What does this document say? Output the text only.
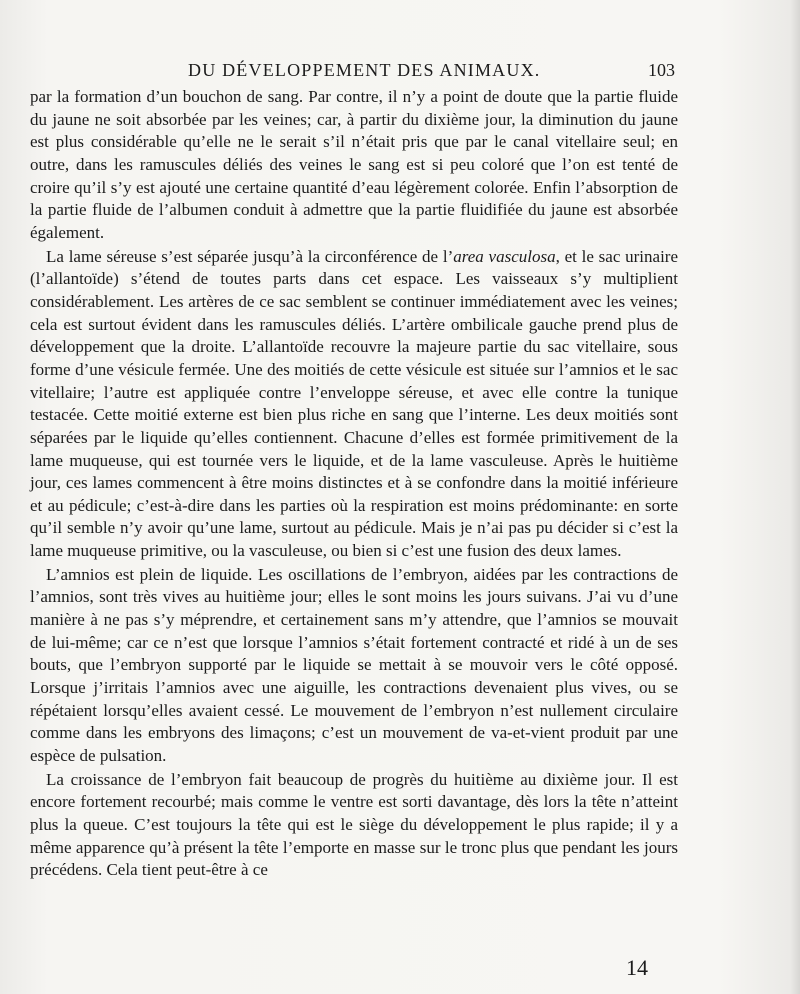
DU DÉVELOPPEMENT DES ANIMAUX.	103

par la formation d’un bouchon de sang. Par contre, il n’y a point de doute que la partie fluide du jaune ne soit absorbée par les veines; car, à partir du dixième jour, la diminution du jaune est plus considérable qu’elle ne le serait s’il n’était pris que par le canal vitellaire seul; en outre, dans les ramuscules déliés des veines le sang est si peu coloré que l’on est tenté de croire qu’il s’y est ajouté une certaine quantité d’eau légèrement colorée. Enfin l’absorption de la partie fluide de l’albumen conduit à admettre que la partie fluidifiée du jaune est absorbée également.

La lame séreuse s’est séparée jusqu’à la circonférence de l’area vasculosa, et le sac urinaire (l’allantoïde) s’étend de toutes parts dans cet espace. Les vaisseaux s’y multiplient considérablement. Les artères de ce sac semblent se continuer immédiatement avec les veines; cela est surtout évident dans les ramuscules déliés. L’artère ombilicale gauche prend plus de développement que la droite. L’allantoïde recouvre la majeure partie du sac vitellaire, sous forme d’une vésicule fermée. Une des moitiés de cette vésicule est située sur l’amnios et le sac vitellaire; l’autre est appliquée contre l’enveloppe séreuse, et avec elle contre la tunique testacée. Cette moitié externe est bien plus riche en sang que l’interne. Les deux moitiés sont séparées par le liquide qu’elles contiennent. Chacune d’elles est formée primitivement de la lame muqueuse, qui est tournée vers le liquide, et de la lame vasculeuse. Après le huitième jour, ces lames commencent à être moins distinctes et à se confondre dans la moitié inférieure et au pédicule; c’est-à-dire dans les parties où la respiration est moins prédominante: en sorte qu’il semble n’y avoir qu’une lame, surtout au pédicule. Mais je n’ai pas pu décider si c’est la lame muqueuse primitive, ou la vasculeuse, ou bien si c’est une fusion des deux lames.

L’amnios est plein de liquide. Les oscillations de l’embryon, aidées par les contractions de l’amnios, sont très vives au huitième jour; elles le sont moins les jours suivans. J’ai vu d’une manière à ne pas s’y méprendre, et certainement sans m’y attendre, que l’amnios se mouvait de lui-même; car ce n’est que lorsque l’amnios s’était fortement contracté et ridé à un de ses bouts, que l’embryon supporté par le liquide se mettait à se mouvoir vers le côté opposé. Lorsque j’irritais l’amnios avec une aiguille, les contractions devenaient plus vives, ou se répétaient lorsqu’elles avaient cessé. Le mouvement de l’embryon n’est nullement circulaire comme dans les embryons des limaçons; c’est un mouvement de va-et-vient produit par une espèce de pulsation.

La croissance de l’embryon fait beaucoup de progrès du huitième au dixième jour. Il est encore fortement recourbé; mais comme le ventre est sorti davantage, dès lors la tête n’atteint plus la queue. C’est toujours la tête qui est le siège du développement le plus rapide; il y a même apparence qu’à présent la tête l’emporte en masse sur le tronc plus que pendant les jours précédens. Cela tient peut-être à ce

14
